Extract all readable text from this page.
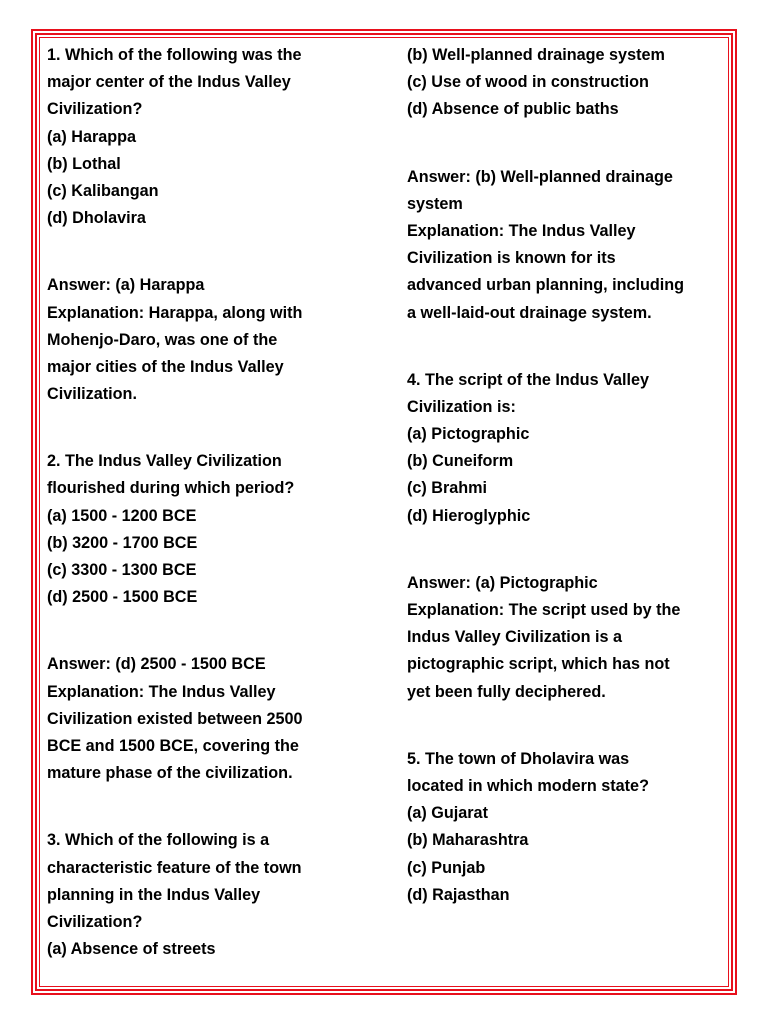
1. Which of the following was the
major center of the Indus Valley
Civilization?
(a) Harappa
(b) Lothal
(c) Kalibangan
(d) Dholavira
Answer: (a) Harappa
Explanation: Harappa, along with
Mohenjo-Daro, was one of the
major cities of the Indus Valley
Civilization.
2. The Indus Valley Civilization
flourished during which period?
(a) 1500 - 1200 BCE
(b) 3200 - 1700 BCE
(c) 3300 - 1300 BCE
(d) 2500 - 1500 BCE
Answer: (d) 2500 - 1500 BCE
Explanation: The Indus Valley
Civilization existed between 2500
BCE and 1500 BCE, covering the
mature phase of the civilization.
3. Which of the following is a
characteristic feature of the town
planning in the Indus Valley
Civilization?
(a) Absence of streets
(b) Well-planned drainage system
(c) Use of wood in construction
(d) Absence of public baths
Answer: (b) Well-planned drainage
system
Explanation: The Indus Valley
Civilization is known for its
advanced urban planning, including
a well-laid-out drainage system.
4. The script of the Indus Valley
Civilization is:
(a) Pictographic
(b) Cuneiform
(c) Brahmi
(d) Hieroglyphic
Answer: (a) Pictographic
Explanation: The script used by the
Indus Valley Civilization is a
pictographic script, which has not
yet been fully deciphered.
5. The town of Dholavira was
located in which modern state?
(a) Gujarat
(b) Maharashtra
(c) Punjab
(d) Rajasthan
